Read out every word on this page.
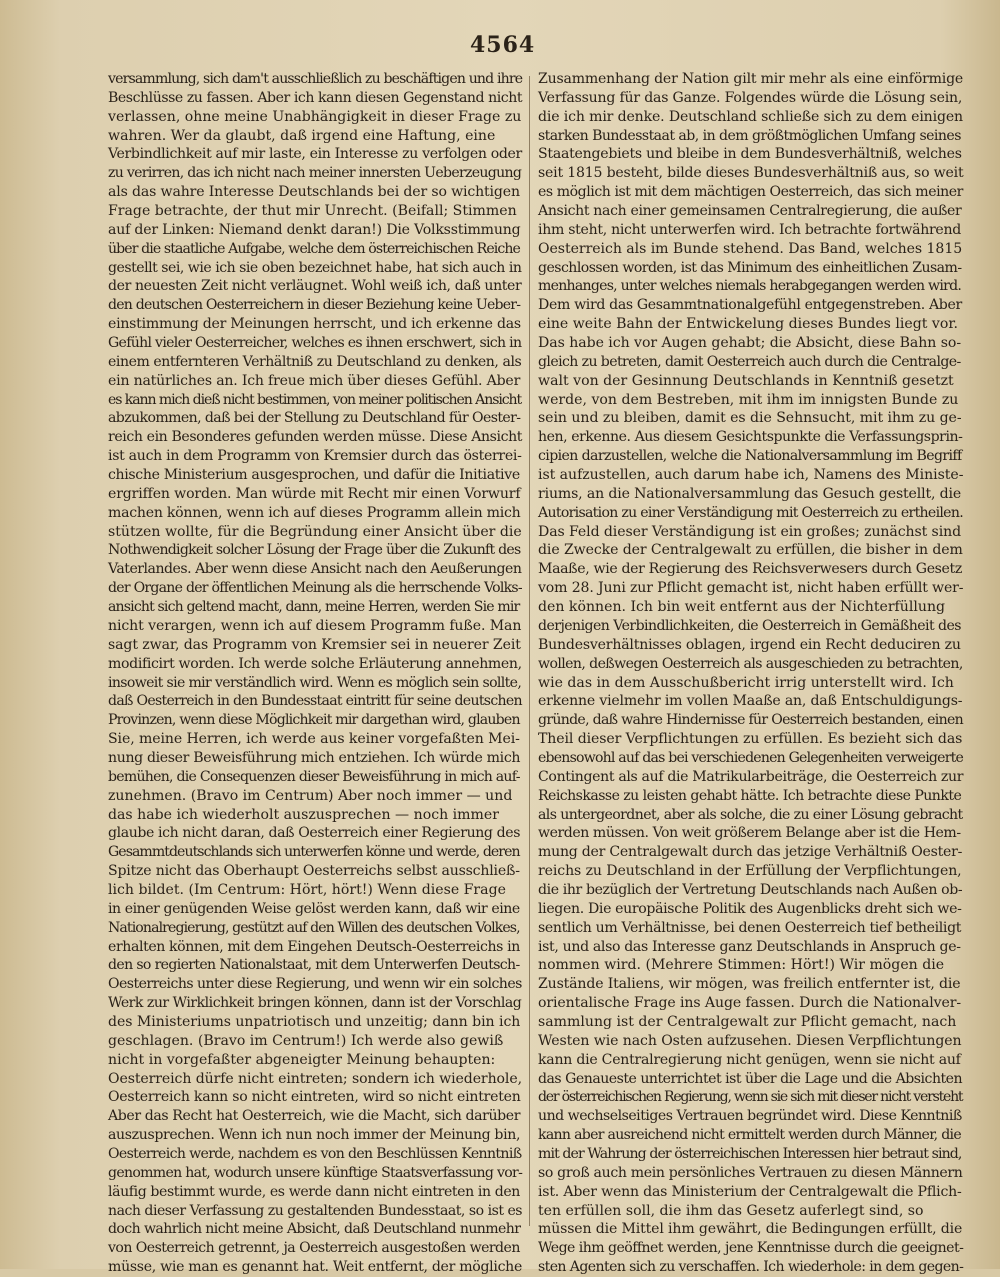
4564
versammlung, sich dam't ausschließlich zu beschäftigen und ihre
Beschlüsse zu fassen. Aber ich kann diesen Gegenstand nicht
verlassen, ohne meine Unabhängigkeit in dieser Frage zu
wahren. Wer da glaubt, daß irgend eine Haftung, eine
Verbindlichkeit auf mir laste, ein Interesse zu verfolgen oder
zu verirren, das ich nicht nach meiner innersten Ueberzeugung
als das wahre Interesse Deutschlands bei der so wichtigen
Frage betrachte, der thut mir Unrecht. (Beifall; Stimmen
auf der Linken: Niemand denkt daran!) Die Volksstimmung
über die staatliche Aufgabe, welche dem österreichischen Reiche
gestellt sei, wie ich sie oben bezeichnet habe, hat sich auch in
der neuesten Zeit nicht verläugnet. Wohl weiß ich, daß unter
den deutschen Oesterreichern in dieser Beziehung keine Ueber-
einstimmung der Meinungen herrscht, und ich erkenne das
Gefühl vieler Oesterreicher, welches es ihnen erschwert, sich in
einem entfernteren Verhältniß zu Deutschland zu denken, als
ein natürliches an. Ich freue mich über dieses Gefühl. Aber
es kann mich dieß nicht bestimmen, von meiner politischen Ansicht
abzukommen, daß bei der Stellung zu Deutschland für Oester-
reich ein Besonderes gefunden werden müsse. Diese Ansicht
ist auch in dem Programm von Kremsier durch das österrei-
chische Ministerium ausgesprochen, und dafür die Initiative
ergriffen worden. Man würde mit Recht mir einen Vorwurf
machen können, wenn ich auf dieses Programm allein mich
stützen wollte, für die Begründung einer Ansicht über die
Nothwendigkeit solcher Lösung der Frage über die Zukunft des
Vaterlandes. Aber wenn diese Ansicht nach den Aeußerungen
der Organe der öffentlichen Meinung als die herrschende Volks-
ansicht sich geltend macht, dann, meine Herren, werden Sie mir
nicht verargen, wenn ich auf diesem Programm fuße. Man
sagt zwar, das Programm von Kremsier sei in neuerer Zeit
modificirt worden. Ich werde solche Erläuterung annehmen,
insoweit sie mir verständlich wird. Wenn es möglich sein sollte,
daß Oesterreich in den Bundesstaat eintritt für seine deutschen
Provinzen, wenn diese Möglichkeit mir dargethan wird, glauben
Sie, meine Herren, ich werde aus keiner vorgefaßten Mei-
nung dieser Beweisführung mich entziehen. Ich würde mich
bemühen, die Consequenzen dieser Beweisführung in mich auf-
zunehmen. (Bravo im Centrum) Aber noch immer — und
das habe ich wiederholt auszusprechen — noch immer
glaube ich nicht daran, daß Oesterreich einer Regierung des
Gesammtdeutschlands sich unterwerfen könne und werde, deren
Spitze nicht das Oberhaupt Oesterreichs selbst ausschließ-
lich bildet. (Im Centrum: Hört, hört!) Wenn diese Frage
in einer genügenden Weise gelöst werden kann, daß wir eine
Nationalregierung, gestützt auf den Willen des deutschen Volkes,
erhalten können, mit dem Eingehen Deutsch-Oesterreichs in
den so regierten Nationalstaat, mit dem Unterwerfen Deutsch-
Oesterreichs unter diese Regierung, und wenn wir ein solches
Werk zur Wirklichkeit bringen können, dann ist der Vorschlag
des Ministeriums unpatriotisch und unzeitig; dann bin ich
geschlagen. (Bravo im Centrum!) Ich werde also gewiß
nicht in vorgefaßter abgeneigter Meinung behaupten:
Oesterreich dürfe nicht eintreten; sondern ich wiederhole,
Oesterreich kann so nicht eintreten, wird so nicht eintreten
Aber das Recht hat Oesterreich, wie die Macht, sich darüber
auszusprechen. Wenn ich nun noch immer der Meinung bin,
Oesterreich werde, nachdem es von den Beschlüssen Kenntniß
genommen hat, wodurch unsere künftige Staatsverfassung vor-
läufig bestimmt wurde, es werde dann nicht eintreten in den
nach dieser Verfassung zu gestaltenden Bundesstaat, so ist es
doch wahrlich nicht meine Absicht, daß Deutschland nunmehr
von Oesterreich getrennt, ja Oesterreich ausgestoßen werden
müsse, wie man es genannt hat. Weit entfernt, der mögliche
Zusammenhang der Nation gilt mir mehr als eine einförmige
Verfassung für das Ganze. Folgendes würde die Lösung sein,
die ich mir denke. Deutschland schließe sich zu dem einigen
starken Bundesstaat ab, in dem größtmöglichen Umfang seines
Staatengebiets und bleibe in dem Bundesverhältniß, welches
seit 1815 besteht, bilde dieses Bundesverhältniß aus, so weit
es möglich ist mit dem mächtigen Oesterreich, das sich meiner
Ansicht nach einer gemeinsamen Centralregierung, die außer
ihm steht, nicht unterwerfen wird. Ich betrachte fortwährend
Oesterreich als im Bunde stehend. Das Band, welches 1815
geschlossen worden, ist das Minimum des einheitlichen Zusam-
menhanges, unter welches niemals herabgegangen werden wird.
Dem wird das Gesammtnationalgefühl entgegenstreben. Aber
eine weite Bahn der Entwickelung dieses Bundes liegt vor.
Das habe ich vor Augen gehabt; die Absicht, diese Bahn so-
gleich zu betreten, damit Oesterreich auch durch die Centralge-
walt von der Gesinnung Deutschlands in Kenntniß gesetzt
werde, von dem Bestreben, mit ihm im innigsten Bunde zu
sein und zu bleiben, damit es die Sehnsucht, mit ihm zu ge-
hen, erkenne. Aus diesem Gesichtspunkte die Verfassungsprin-
cipien darzustellen, welche die Nationalversammlung im Begriff
ist aufzustellen, auch darum habe ich, Namens des Ministe-
riums, an die Nationalversammlung das Gesuch gestellt, die
Autorisation zu einer Verständigung mit Oesterreich zu ertheilen.
Das Feld dieser Verständigung ist ein großes; zunächst sind
die Zwecke der Centralgewalt zu erfüllen, die bisher in dem
Maaße, wie der Regierung des Reichsverwesers durch Gesetz
vom 28. Juni zur Pflicht gemacht ist, nicht haben erfüllt wer-
den können. Ich bin weit entfernt aus der Nichterfüllung
derjenigen Verbindlichkeiten, die Oesterreich in Gemäßheit des
Bundesverhältnisses oblagen, irgend ein Recht deduciren zu
wollen, deßwegen Oesterreich als ausgeschieden zu betrachten,
wie das in dem Ausschußbericht irrig unterstellt wird. Ich
erkenne vielmehr im vollen Maaße an, daß Entschuldigungs-
gründe, daß wahre Hindernisse für Oesterreich bestanden, einen
Theil dieser Verpflichtungen zu erfüllen. Es bezieht sich das
ebensowohl auf das bei verschiedenen Gelegenheiten verweigerte
Contingent als auf die Matrikularbeiträge, die Oesterreich zur
Reichskasse zu leisten gehabt hätte. Ich betrachte diese Punkte
als untergeordnet, aber als solche, die zu einer Lösung gebracht
werden müssen. Von weit größerem Belange aber ist die Hem-
mung der Centralgewalt durch das jetzige Verhältniß Oester-
reichs zu Deutschland in der Erfüllung der Verpflichtungen,
die ihr bezüglich der Vertretung Deutschlands nach Außen ob-
liegen. Die europäische Politik des Augenblicks dreht sich we-
sentlich um Verhältnisse, bei denen Oesterreich tief betheiligt
ist, und also das Interesse ganz Deutschlands in Anspruch ge-
nommen wird. (Mehrere Stimmen: Hört!) Wir mögen die
Zustände Italiens, wir mögen, was freilich entfernter ist, die
orientalische Frage ins Auge fassen. Durch die Nationalver-
sammlung ist der Centralgewalt zur Pflicht gemacht, nach
Westen wie nach Osten aufzusehen. Diesen Verpflichtungen
kann die Centralregierung nicht genügen, wenn sie nicht auf
das Genaueste unterrichtet ist über die Lage und die Absichten
der österreichischen Regierung, wenn sie sich mit dieser nicht versteht
und wechselseitiges Vertrauen begründet wird. Diese Kenntniß
kann aber ausreichend nicht ermittelt werden durch Männer, die
mit der Wahrung der österreichischen Interessen hier betraut sind,
so groß auch mein persönliches Vertrauen zu diesen Männern
ist. Aber wenn das Ministerium der Centralgewalt die Pflich-
ten erfüllen soll, die ihm das Gesetz auferlegt sind, so
müssen die Mittel ihm gewährt, die Bedingungen erfüllt, die
Wege ihm geöffnet werden, jene Kenntnisse durch die geeignet-
sten Agenten sich zu verschaffen. Ich wiederhole: in dem gegen-
